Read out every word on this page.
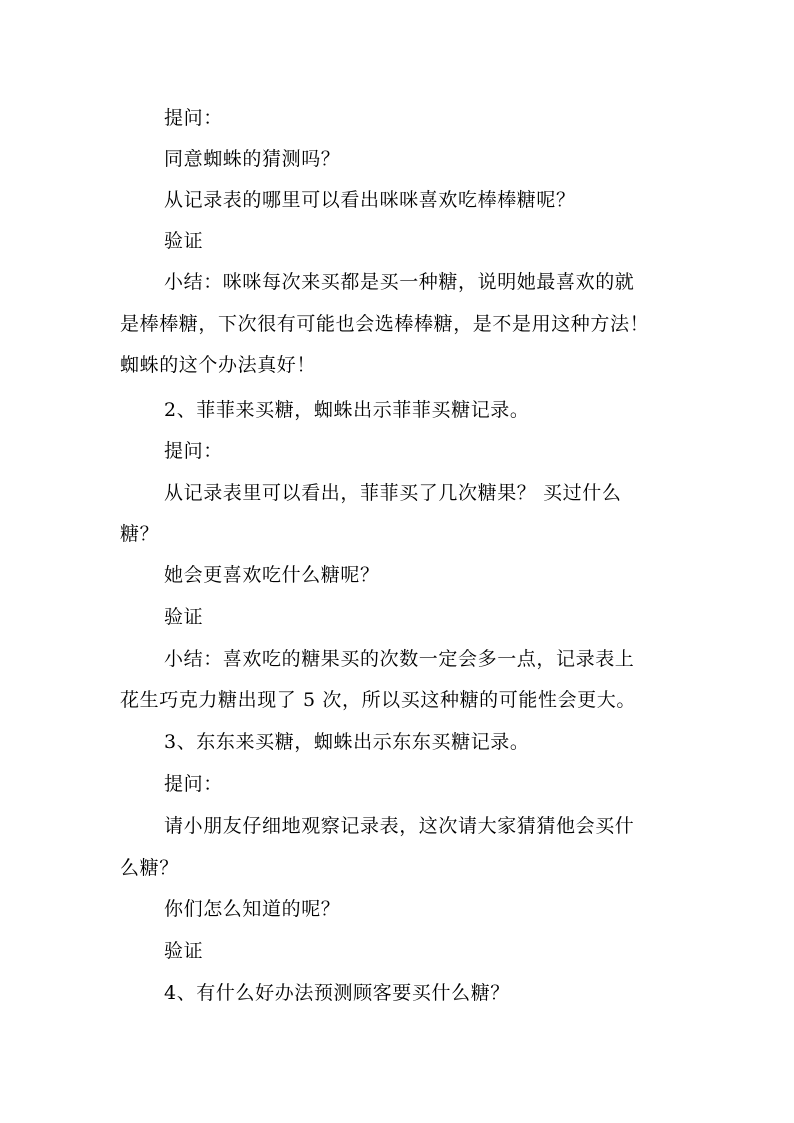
提问：
同意蜘蛛的猜测吗？
从记录表的哪里可以看出咪咪喜欢吃棒棒糖呢？
验证
小结：咪咪每次来买都是买一种糖，说明她最喜欢的就
是棒棒糖，下次很有可能也会选棒棒糖，是不是用这种方法！
蜘蛛的这个办法真好！
2、菲菲来买糖，蜘蛛出示菲菲买糖记录。
提问：
从记录表里可以看出，菲菲买了几次糖果？ 买过什么
糖？
她会更喜欢吃什么糖呢？
验证
小结：喜欢吃的糖果买的次数一定会多一点，记录表上
花生巧克力糖出现了 5 次，所以买这种糖的可能性会更大。
3、东东来买糖，蜘蛛出示东东买糖记录。
提问：
请小朋友仔细地观察记录表，这次请大家猜猜他会买什
么糖？
你们怎么知道的呢？
验证
4、有什么好办法预测顾客要买什么糖？
